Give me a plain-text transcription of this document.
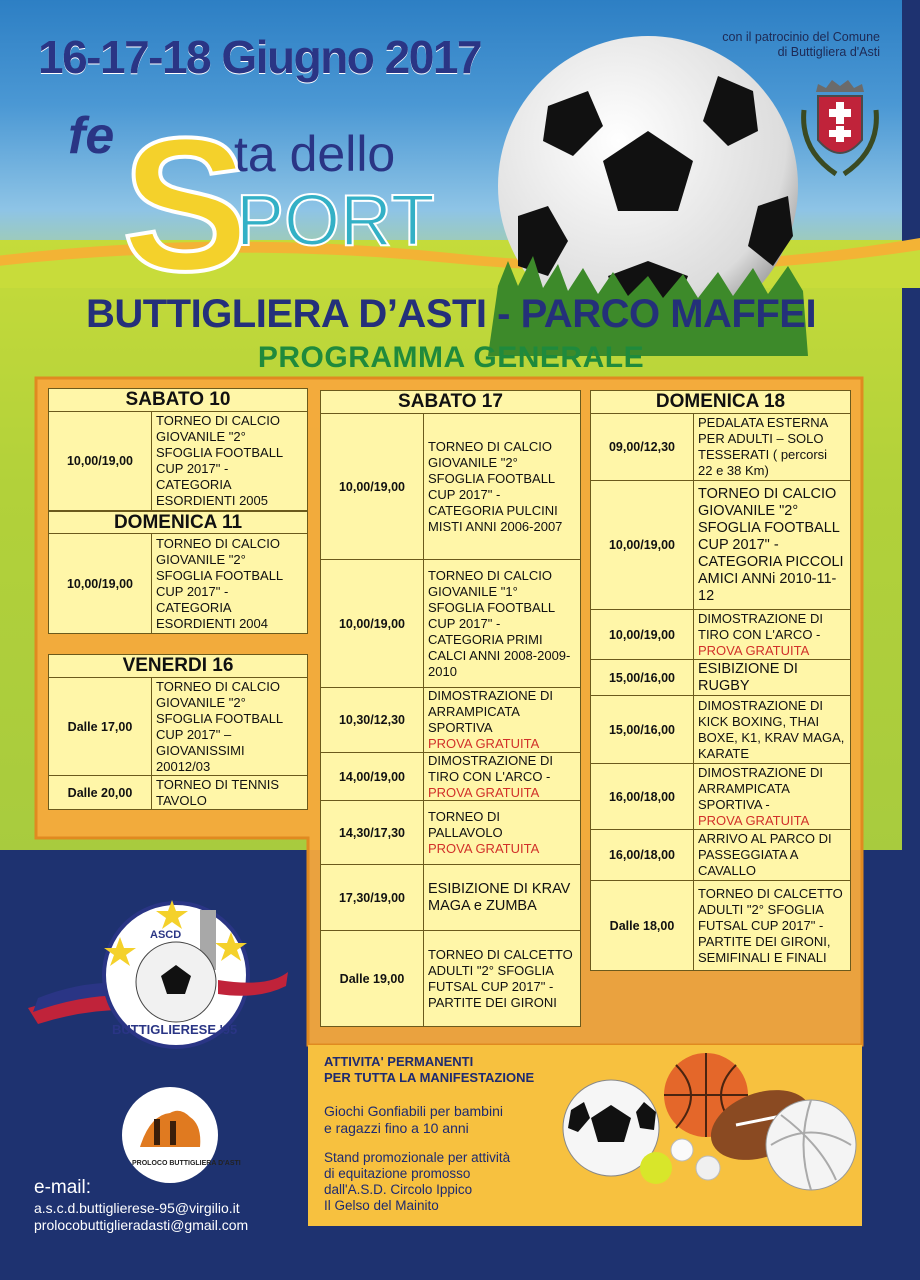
16-17-18 Giugno 2017	con il patrocinio del Comune
di Buttigliera d'Asti
fe S
ta dello
PORT
BUTTIGLIERA D’ASTI - PARCO MAFFEI
PROGRAMMA GENERALE
SABATO 10
10,00/19,00
TORNEO DI CALCIO GIOVANILE "2° SFOGLIA FOOTBALL CUP 2017" - CATEGORIA ESORDIENTI 2005
DOMENICA 11
10,00/19,00
TORNEO DI CALCIO GIOVANILE "2° SFOGLIA FOOTBALL CUP 2017" - CATEGORIA ESORDIENTI 2004
VENERDI 16
Dalle 17,00
TORNEO DI CALCIO GIOVANILE "2° SFOGLIA FOOTBALL CUP 2017" – GIOVANISSIMI 20012/03
Dalle 20,00
TORNEO DI TENNIS TAVOLO
SABATO 17
10,00/19,00
TORNEO DI CALCIO GIOVANILE "2° SFOGLIA FOOTBALL CUP 2017" - CATEGORIA PULCINI MISTI ANNI 2006-2007
10,00/19,00
TORNEO DI CALCIO GIOVANILE "1° SFOGLIA FOOTBALL CUP 2017" - CATEGORIA PRIMI CALCI ANNI 2008-2009-2010
10,30/12,30
DIMOSTRAZIONE DI ARRAMPICATA SPORTIVA
PROVA GRATUITA
14,00/19,00
DIMOSTRAZIONE DI TIRO CON L'ARCO -
PROVA GRATUITA
14,30/17,30
TORNEO DI PALLAVOLO
PROVA GRATUITA
17,30/19,00
ESIBIZIONE DI KRAV MAGA e ZUMBA
Dalle 19,00
TORNEO DI CALCETTO ADULTI "2° SFOGLIA FUTSAL CUP 2017" - PARTITE DEI GIRONI
DOMENICA 18
09,00/12,30
PEDALATA ESTERNA PER ADULTI – SOLO TESSERATI ( percorsi 22 e 38 Km)
10,00/19,00
TORNEO DI CALCIO GIOVANILE "2° SFOGLIA FOOTBALL CUP 2017" - CATEGORIA PICCOLI AMICI ANNi 2010-11-12
10,00/19,00
DIMOSTRAZIONE DI TIRO CON L'ARCO -
PROVA GRATUITA
15,00/16,00
ESIBIZIONE DI RUGBY
15,00/16,00
DIMOSTRAZIONE DI KICK BOXING, THAI BOXE, K1, KRAV MAGA, KARATE
16,00/18,00
DIMOSTRAZIONE DI ARRAMPICATA SPORTIVA -
PROVA GRATUITA
16,00/18,00
ARRIVO AL PARCO DI PASSEGGIATA A CAVALLO
Dalle 18,00
TORNEO DI CALCETTO ADULTI "2° SFOGLIA FUTSAL CUP 2017" - PARTITE DEI GIRONI, SEMIFINALI E FINALI
ATTIVITA' PERMANENTI
PER TUTTA LA MANIFESTAZIONE
Giochi Gonfiabili per bambini
e ragazzi fino a 10 anni
Stand promozionale per attività
di equitazione promosso
dall'A.S.D. Circolo Ippico
Il Gelso del Mainito
ASCD
BUTTIGLIERESE '95
PROLOCO BUTTIGLIERA D'ASTI
e-mail:
a.s.c.d.buttiglierese-95@virgilio.it
prolocobuttiglieradasti@gmail.com
